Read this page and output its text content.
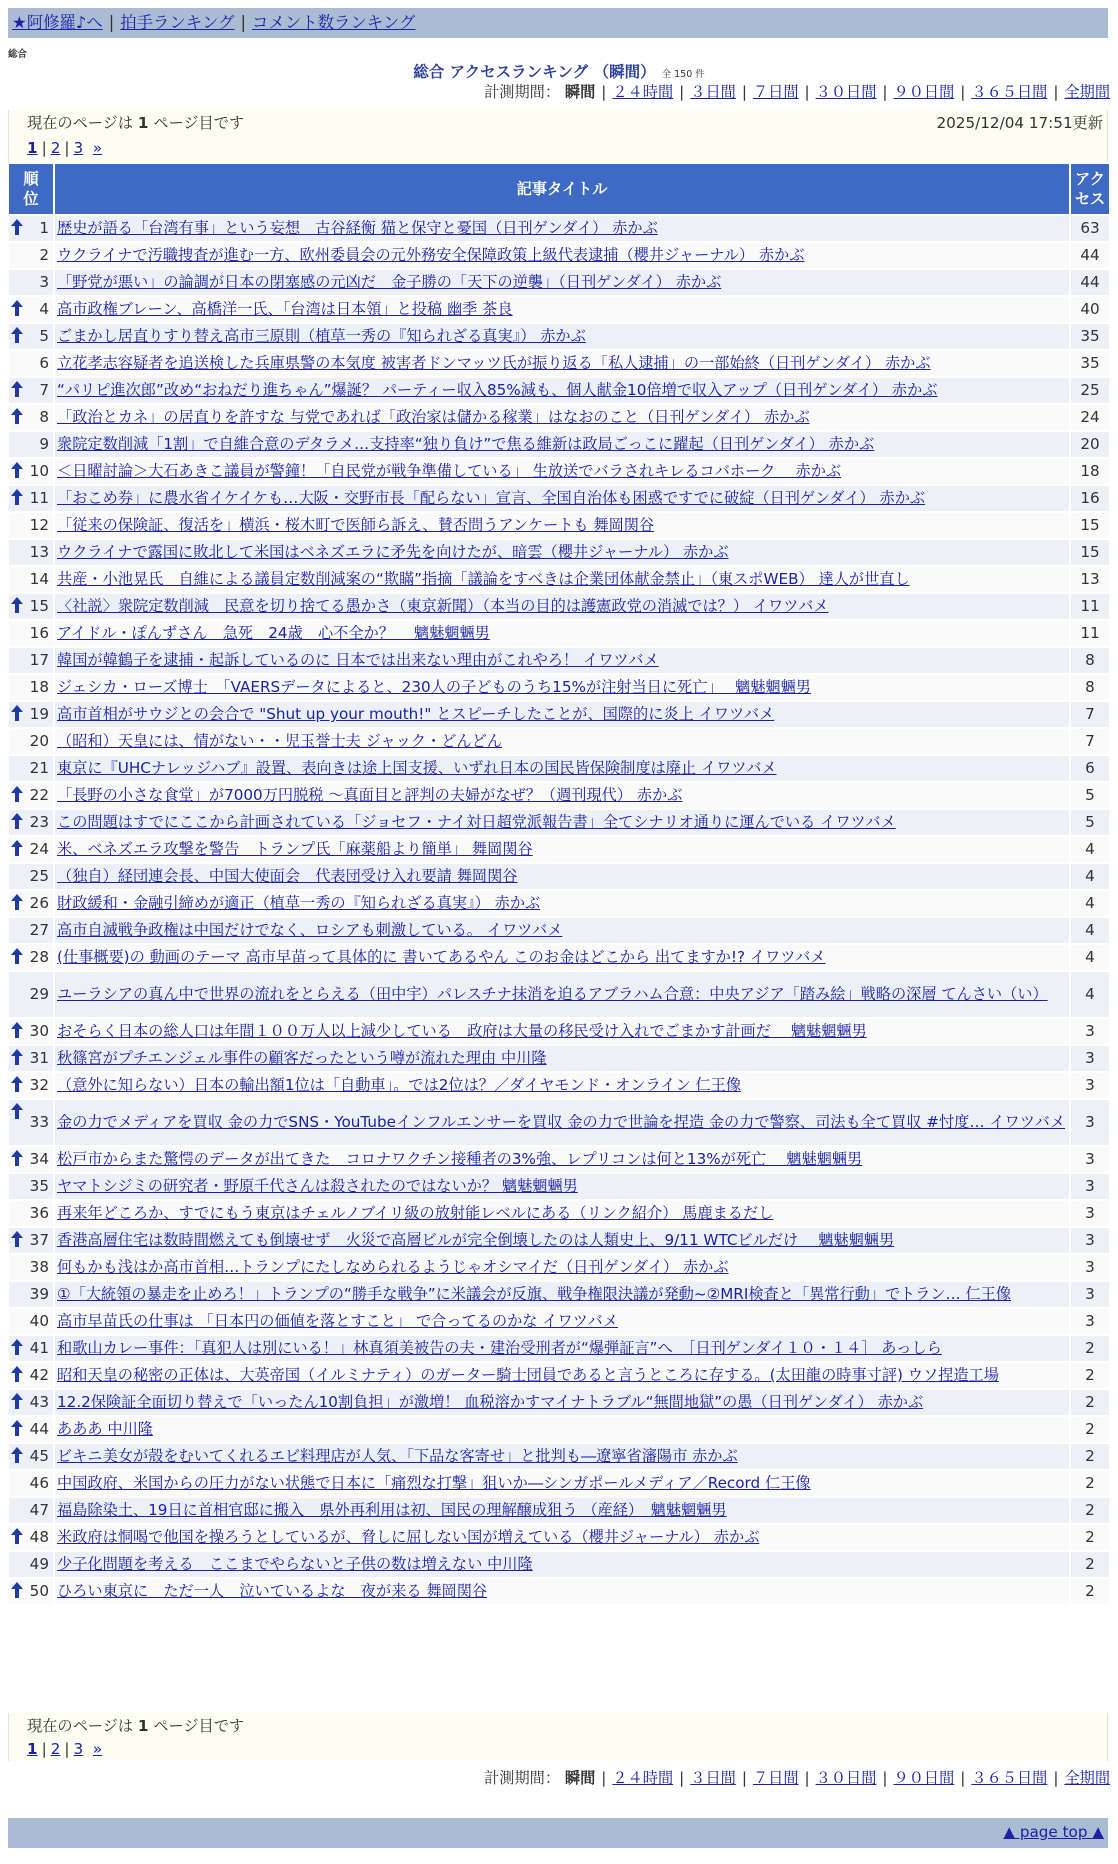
★阿修羅♪へ | 拍手ランキング | コメント数ランキング
総合
総合 アクセスランキング （瞬間） 全 150 件
計測期間： 瞬間 | ２４時間 | ３日間 | ７日間 | ３０日間 | ９０日間 | ３６５日間 | 全期間
現在のページは 1 ページ目です	2025/12/04 17:51更新
1 | 2 | 3 »
順位	記事タイトル	アクセス

1	歴史が語る「台湾有事」という妄想　古谷経衡 猫と保守と憂国（日刊ゲンダイ） 赤かぶ	63
2	ウクライナで汚職捜査が進む一方、欧州委員会の元外務安全保障政策上級代表逮捕（櫻井ジャーナル） 赤かぶ	44
3	「野党が悪い」の論調が日本の閉塞感の元凶だ　金子勝の「天下の逆襲」（日刊ゲンダイ） 赤かぶ	44

4	高市政権ブレーン、高橋洋一氏、「台湾は日本領」と投稿 幽季 茶良	40

5	ごまかし居直りすり替え高市三原則（植草一秀の『知られざる真実』） 赤かぶ	35
6	立花孝志容疑者を追送検した兵庫県警の本気度 被害者ドンマッツ氏が振り返る「私人逮捕」の一部始終（日刊ゲンダイ） 赤かぶ	35

7	“パリピ進次郎”改め“おねだり進ちゃん”爆誕？ パーティー収入85%減も、個人献金10倍増で収入アップ（日刊ゲンダイ） 赤かぶ	25

8	「政治とカネ」の居直りを許すな 与党であれば「政治家は儲かる稼業」はなおのこと（日刊ゲンダイ） 赤かぶ	24
9	衆院定数削減「1割」で自維合意のデタラメ…支持率“独り負け”で焦る維新は政局ごっこに躍起（日刊ゲンダイ） 赤かぶ	20

10	＜日曜討論＞大石あきこ議員が警鐘！「自民党が戦争準備している」 生放送でバラされキレるコバホーク　 赤かぶ	18

11	「おこめ券」に農水省イケイケも…大阪・交野市長「配らない」宣言、全国自治体も困惑ですでに破綻（日刊ゲンダイ） 赤かぶ	16
12	「従来の保険証、復活を」横浜・桜木町で医師ら訴え、賛否問うアンケートも 舞岡関谷	15
13	ウクライナで露国に敗北して米国はベネズエラに矛先を向けたが、暗雲（櫻井ジャーナル） 赤かぶ	15
14	共産・小池晃氏　自維による議員定数削減案の“欺瞞”指摘「議論をすべきは企業団体献金禁止」（東スポWEB） 達人が世直し	13

15	〈社説〉衆院定数削減　民意を切り捨てる愚かさ（東京新聞）（本当の目的は護憲政党の消滅では？） イワツバメ	11
16	アイドル・ぽんずさん　急死　24歳　心不全か？　 魑魅魍魎男	11
17	韓国が韓鶴子を逮捕・起訴しているのに 日本では出来ない理由がこれやろ！ イワツバメ	8
18	ジェシカ・ローズ博士　「VAERSデータによると、230人の子どものうち15%が注射当日に死亡」　 魑魅魍魎男	8

19	高市首相がサウジとの会合で "Shut up your mouth!" とスピーチしたことが、国際的に炎上 イワツバメ	7
20	（昭和）天皇には、情がない・・児玉誉士夫 ジャック・どんどん	7
21	東京に『UHCナレッジハブ』設置、表向きは途上国支援、いずれ日本の国民皆保険制度は廃止 イワツバメ	6

22	「長野の小さな食堂」が7000万円脱税 ～真面目と評判の夫婦がなぜ？（週刊現代） 赤かぶ	5

23	この問題はすでにここから計画されている「ジョセフ・ナイ対日超党派報告書」全てシナリオ通りに運んでいる イワツバメ	5

24	米、ベネズエラ攻撃を警告　トランプ氏「麻薬船より簡単」 舞岡関谷	4
25	（独自）経団連会長、中国大使面会　代表団受け入れ要請 舞岡関谷	4

26	財政緩和・金融引締めが適正（植草一秀の『知られざる真実』） 赤かぶ	4
27	高市自滅戦争政権は中国だけでなく、ロシアも刺激している。 イワツバメ	4

28	(仕事概要)の 動画のテーマ 高市早苗って具体的に 書いてあるやん このお金はどこから 出てますか!? イワツバメ	4
29	ユーラシアの真ん中で世界の流れをとらえる（田中宇）パレスチナ抹消を迫るアブラハム合意：中央アジア「踏み絵」戦略の深層 てんさい（い）	4

30	おそらく日本の総人口は年間１００万人以上減少している　政府は大量の移民受け入れでごまかす計画だ　 魑魅魍魎男	3

31	秋篠宮がプチエンジェル事件の顧客だったという噂が流れた理由 中川隆	3

32	（意外に知らない）日本の輸出額1位は「自動車」。では2位は？／ダイヤモンド・オンライン 仁王像	3

33	金の力でメディアを買収 金の力でSNS・YouTubeインフルエンサーを買収 金の力で世論を捏造 金の力で警察、司法も全て買収 #忖度… イワツバメ	3

34	松戸市からまた驚愕のデータが出てきた　コロナワクチン接種者の3%強、レプリコンは何と13%が死亡　 魑魅魍魎男	3
35	ヤマトシジミの研究者・野原千代さんは殺されたのではないか？ 魑魅魍魎男	3
36	再来年どころか、すでにもう東京はチェルノブイリ級の放射能レベルにある（リンク紹介） 馬鹿まるだし	3

37	香港高層住宅は数時間燃えても倒壊せず　火災で高層ビルが完全倒壊したのは人類史上、9/11 WTCビルだけ　 魑魅魍魎男	3
38	何もかも浅はか高市首相…トランプにたしなめられるようじゃオシマイだ（日刊ゲンダイ） 赤かぶ	3
39	①「大統領の暴走を止めろ！」トランプの“勝手な戦争”に米議会が反旗、戦争権限決議が発動~②MRI検査と「異常行動」でトラン… 仁王像	3
40	高市早苗氏の仕事は 「日本円の価値を落とすこと」 で合ってるのかな イワツバメ	3

41	和歌山カレー事件：「真犯人は別にいる！」林真須美被告の夫・建治受刑者が“爆弾証言”へ　［日刊ゲンダイ１０・１４］ あっしら	2

42	昭和天皇の秘密の正体は、大英帝国（イルミナティ）のガーター騎士団員であると言うところに存する。(太田龍の時事寸評) ウソ捏造工場	2

43	12.2保険証全面切り替えで「いったん10割負担」が激増！ 血税溶かすマイナトラブル“無間地獄”の愚（日刊ゲンダイ） 赤かぶ	2

44	あああ 中川隆	2

45	ビキニ美女が殻をむいてくれるエビ料理店が人気、「下品な客寄せ」と批判も―遼寧省瀋陽市 赤かぶ	2
46	中国政府、米国からの圧力がない状態で日本に「痛烈な打撃」狙いか―シンガポールメディア／Record 仁王像	2
47	福島除染土、19日に首相官邸に搬入　県外再利用は初、国民の理解醸成狙う （産経）　魑魅魍魎男	2

48	米政府は恫喝で他国を操ろうとしているが、脅しに屈しない国が増えている（櫻井ジャーナル） 赤かぶ	2
49	少子化問題を考える　ここまでやらないと子供の数は増えない 中川隆	2

50	ひろい東京に　ただ一人　泣いているよな　夜が来る 舞岡関谷	2
現在のページは 1 ページ目です
1 | 2 | 3 »
計測期間： 瞬間 | ２４時間 | ３日間 | ７日間 | ３０日間 | ９０日間 | ３６５日間 | 全期間
▲ page top ▲
